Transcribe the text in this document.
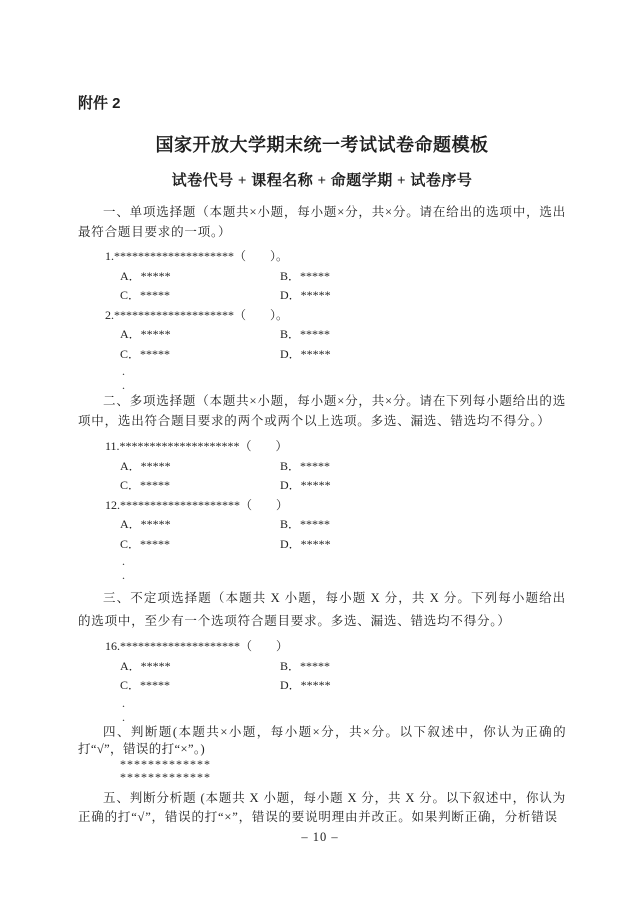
附件 2
国家开放大学期末统一考试试卷命题模板
试卷代号 + 课程名称 + 命题学期 + 试卷序号

一、单项选择题（本题共×小题，每小题×分，共×分。请在给出的选项中，选出最符合题目要求的一项。）

1.********************（　　）。
A．*****	B．*****
C．*****	D．*****
2.********************（　　）。
A．*****	B．*****
C．*****	D．*****
.
.

二、多项选择题（本题共×小题，每小题×分，共×分。请在下列每小题给出的选项中，选出符合题目要求的两个或两个以上选项。多选、漏选、错选均不得分。）

11.********************（　　）
A．*****	B．*****
C．*****	D．*****
12.********************（　　）
A．*****	B．*****
C．*****	D．*****
.
.

三、不定项选择题（本题共 X 小题，每小题 X 分，共 X 分。下列每小题给出的选项中，至少有一个选项符合题目要求。多选、漏选、错选均不得分。）

16.********************（　　）
A．*****	B．*****
C．*****	D．*****
.
.

四、判断题(本题共×小题，每小题×分，共×分。以下叙述中，你认为正确的打“√”，错误的打“×”。)

*************
*************

五、判断分析题 (本题共 X 小题，每小题 X 分，共 X 分。以下叙述中，你认为正确的打“√”，错误的打“×”，错误的要说明理由并改正。如果判断正确，分析错误

– 10 –
